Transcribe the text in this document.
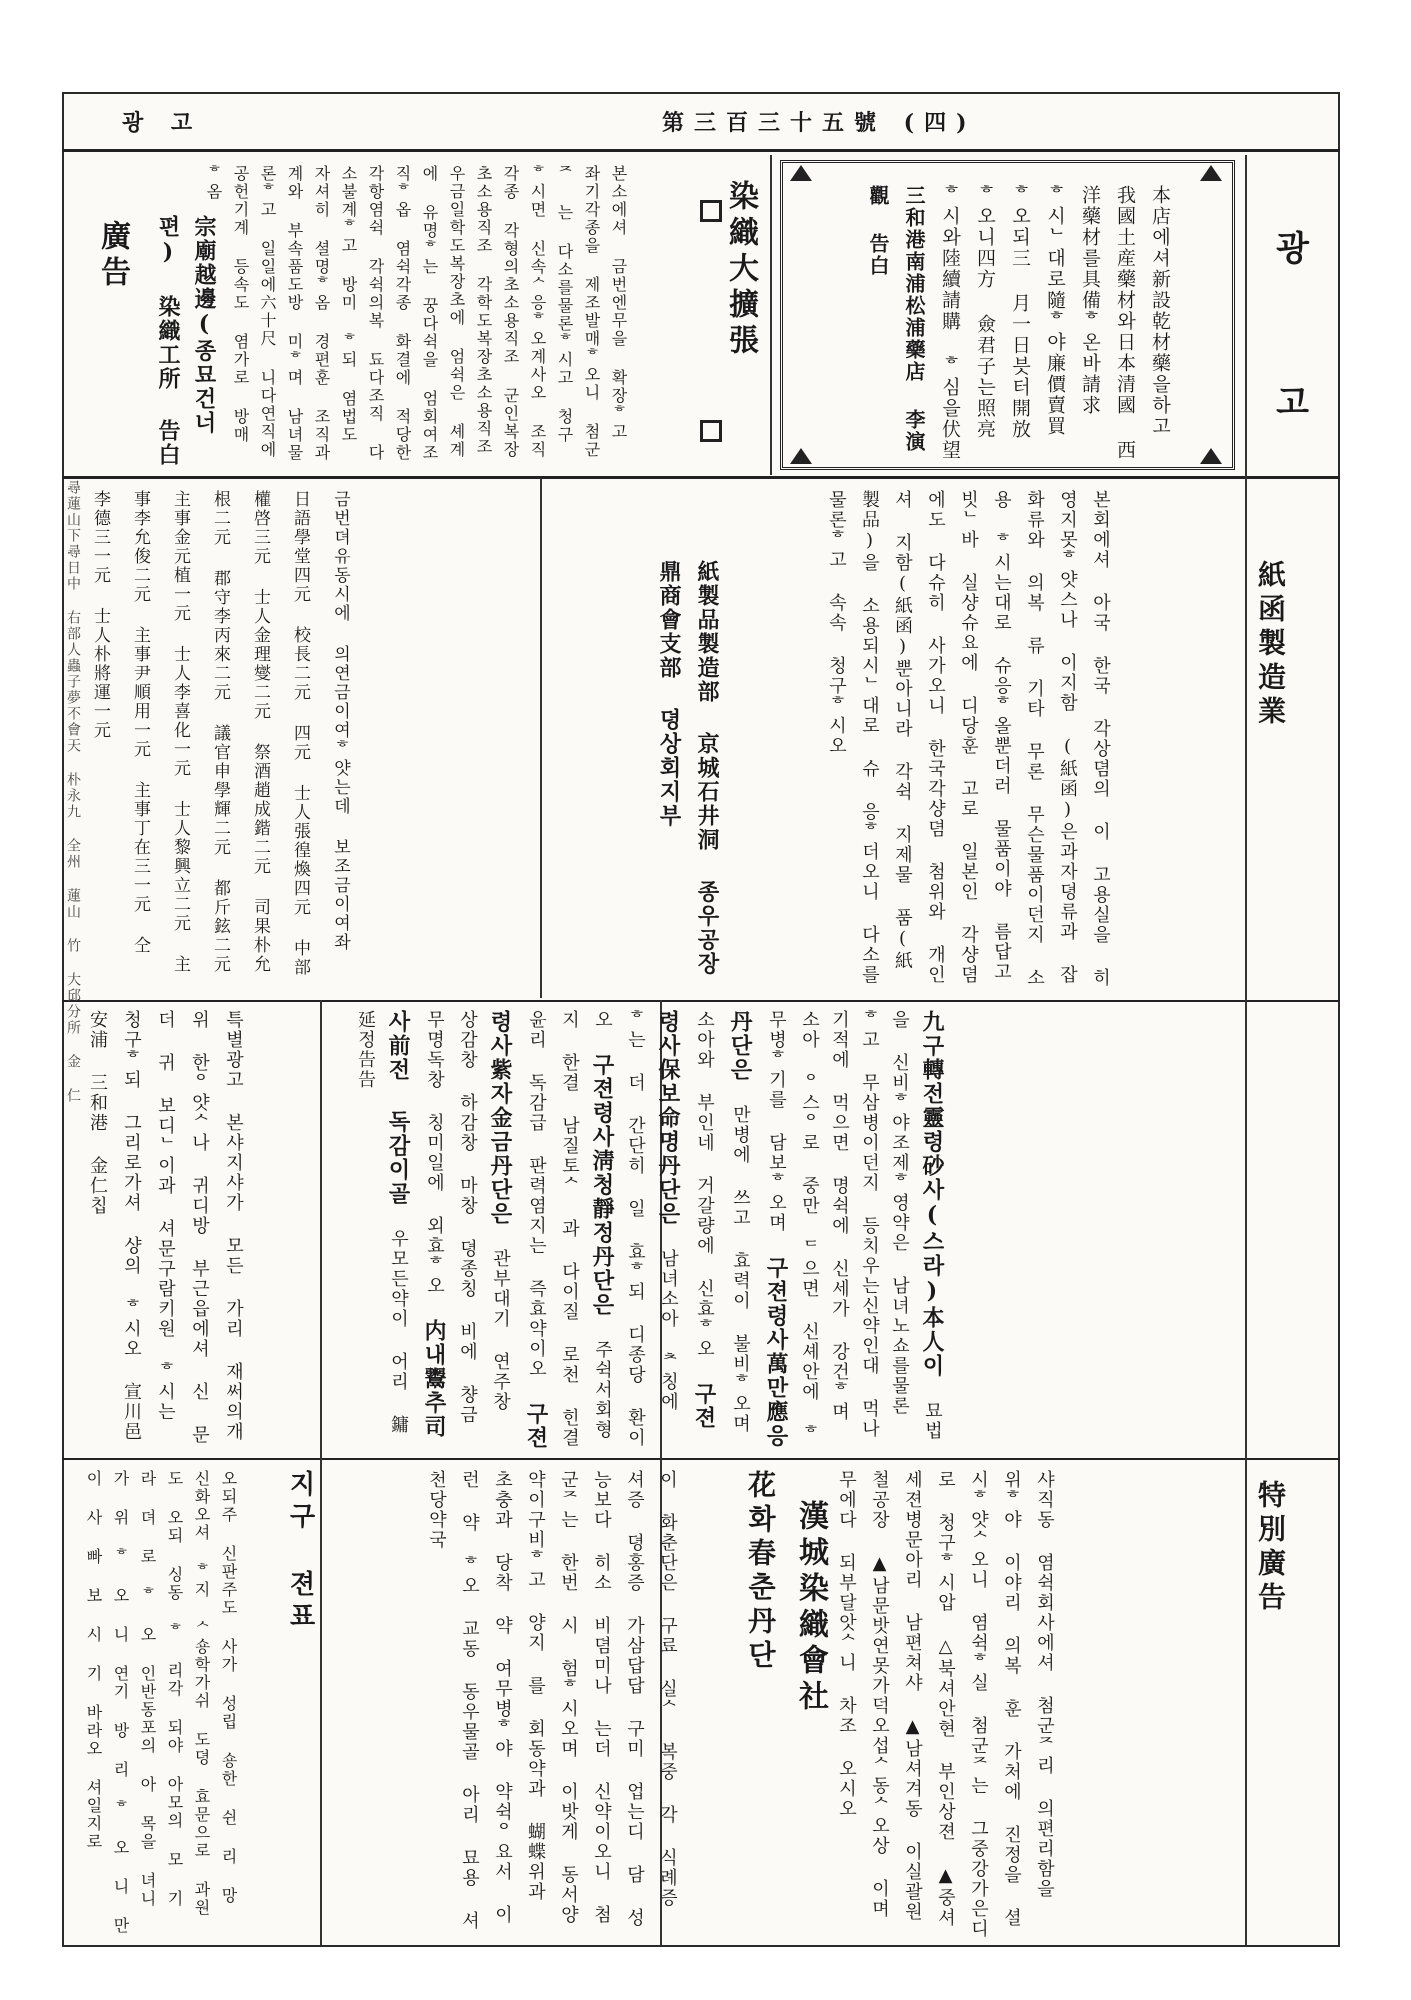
광 고	第三百三十五號 (四)
광 고
本店에셔新設乾材藥을하고 我國土産藥材와日本清國 西洋藥材를具備ᄒ온바請求 ᄒ시ᄂ대로隨ᄒ야廉價賣買ᄒ오되三 月一日븟터開放ᄒ오니四方 僉君子는照亮ᄒ시와陸續請購 ᄒ심을伏望 三和港南浦松浦藥店 李演觀 告白
染織大擴張
본소에셔 금번엔무을 확장ᄒ고 좌기각종을 제조발매ᄒ오니 첨군ᄌ 는 다소를물론ᄒ시고 청구ᄒ시면 신속ᄉ응ᄒ오계사오 조직각종 각형의초소용직조 군인복장초소용직조 각학도복장초소용직조 우금일학도복장초에 엄쉭은 셰계에 유명ᄒ는 꿍다쉭을 엄회여조직ᄒ옵 염쉭각종 화결에 적당한 각항염쉭 각쉭의복 됴다조직 다소불계ᄒ고 방미 ᄒ되 염법도 자셔히 셜명ᄒ옴 경편훈 조직과계와 부속품도방 미ᄒ며 남녀물론ᄒ고 일일에六十尺 니다연직에 공헌기계 등속도 염가로 방매ᄒ옴
宗廟越邊(종묘건너편) 染織工所 告白
廣告
紙函製造業
본회에셔 아국 한국 각상뎜의 이 고용실을 히영지못ᄒ얏스나 이지함 (紙函)은과자뎡류과 잡화류와 의복 류 기타 무론 무슨물품이던지 소용 ᄒ시는대로 슈응ᄒ올뿐더러 물품이야 름답고 빗ᄂ바 실샹슈요에 디당훈 고로 일본인 각샹뎜에도 다슈히 사가오니 한국각샹뎜 첨위와 개인셔 지함(紙函)뿐아니라 각쉭 지제물 품(紙製品)을 소용되시ᄂ대로 슈 응ᄒ더오니 다소를 물론ᄒ고 속속 청구ᄒ시오
紙製品製造部 京城石井洞 종우공장 鼎商會支部 뎡상회지부
금번뎌유동시에 의연금이여ᄒ얏는데 보조금이여좌 日語學堂四元 校長二元 四元 士人張徨煥四元 中部權啓三元 士人金理燮二元 祭酒趙成鍇二元 司果朴允根二元 郡守李丙來二元 議官申學輝二元 都斤鉉二元 主事金元植一元 士人李喜化一元 士人黎興立二元 主事李允俊二元 主事尹順用一元 主事丁在三一元 仝 李德三一元 士人朴將運一元
九구轉전靈령砂사(스라)本人이 묘법을 신비ᄒ야조제ᄒ영약은 남녀노쇼를물론ᄒ고 무삼병이던지 등치우는신약인대 먹나기적에 먹으면 명쉭에 신세가 강건ᄒ며 소아 ᄋ스ᄋ로 중만 ᄃ으면 신셰안에 ᄒ 무병ᄒ기를 담보ᄒ오며 구젼령사萬만應응丹단은 만병에 쓰고 효력이 불비ᄒ오며 소아와 부인네 거갈량에 신효ᄒ오 구젼령사保보命명丹단은 남녀소아 ᄎ칭에 ᄒ는 더 간단히 일 효ᄒ되 디종당 환이오 구젼령사淸청靜정丹단은 주쉭서회형지 한결 남질토ᄉ 과 다이질 로천 힌결 윤리 독감급 판력염지는 즉효약이오 구젼령사紫자金금丹단은 관부대기 연주창 상감창 하감창 마창 뎡종칭 비에 챵금 무명독창 칭미일에 외효ᄒ오 内내鬻추司사前전 독감이골 우모든약이 어리 鏞 延정告告
특별광고 본샤지샤가 모든 가리 재써의개위 한ᄋ얏ᄉ나 귀디방 부근읍에셔 신 문 더 귀 보디ᄂ이과 셔문구람키원 ᄒ시는 청구ᄒ되 그리로가셔 샹의 ᄒ시오 宣川邑 安浦 三和港 金仁칩
特別廣告
샤직동 염쉭회사에셔 첨군ᄌ리 의편리함을 위ᄒ야 이야리 의복 훈 가처에 진정을 셜시ᄒ얏ᄉ오니 염쉭ᄒ실 첨군ᄌ는 그중강가은디로 청구ᄒ시압 △북셔안현 부인상젼 ▲중셔세젼병문아리 남편쳐샤 ▲남셔겨동 이실괄원철공장 ▲남문밧연못가덕오섭ᄉ동ᄉ오상 이며 무에다 되부달앗ᄉ니 차조 오시오
漢城染織會社
花화春춘丹단
이 화춘단은 구료 실ᄉ 복중 각 식례증 셔증 뎡홍증 가삼답답 구미 업는디 담 성능보다 히소 비뎜미나 는더 신약이오니 첨군ᄌ는 한번 시 험ᄒ시오며 이밧게 동서양약이구비ᄒ고 양지 를 회동약과 蝴蝶위과 초충과 당착 약 여무병ᄒ야 약쉭ᄋ요서 이런 약 ᄒ오 교동 동우물골 아리 묘용 셔천당약국
지구 젼표
오되주 신판주도 사가 성립 숑한 쉰 리 망 신화오셔 ᄒ지 ᄉ숑학가쉬 도뎡 효문으로 과원 도 오되 싱동 ᄒ 리각 되야 아모의 모 기 라 뎌 로 ᄒ 오 인반동포의 아 목을 녀니 가 위 ᄒ 오 니 연기 방 리 ᄒ 오 니 만 이 사 빠 보 시 기 바라오 셔일지로
尋蓮山下尋日中 右部人蟲子夢不會天 朴永九 全州 蓮山 竹 大邱分所 金 仁
